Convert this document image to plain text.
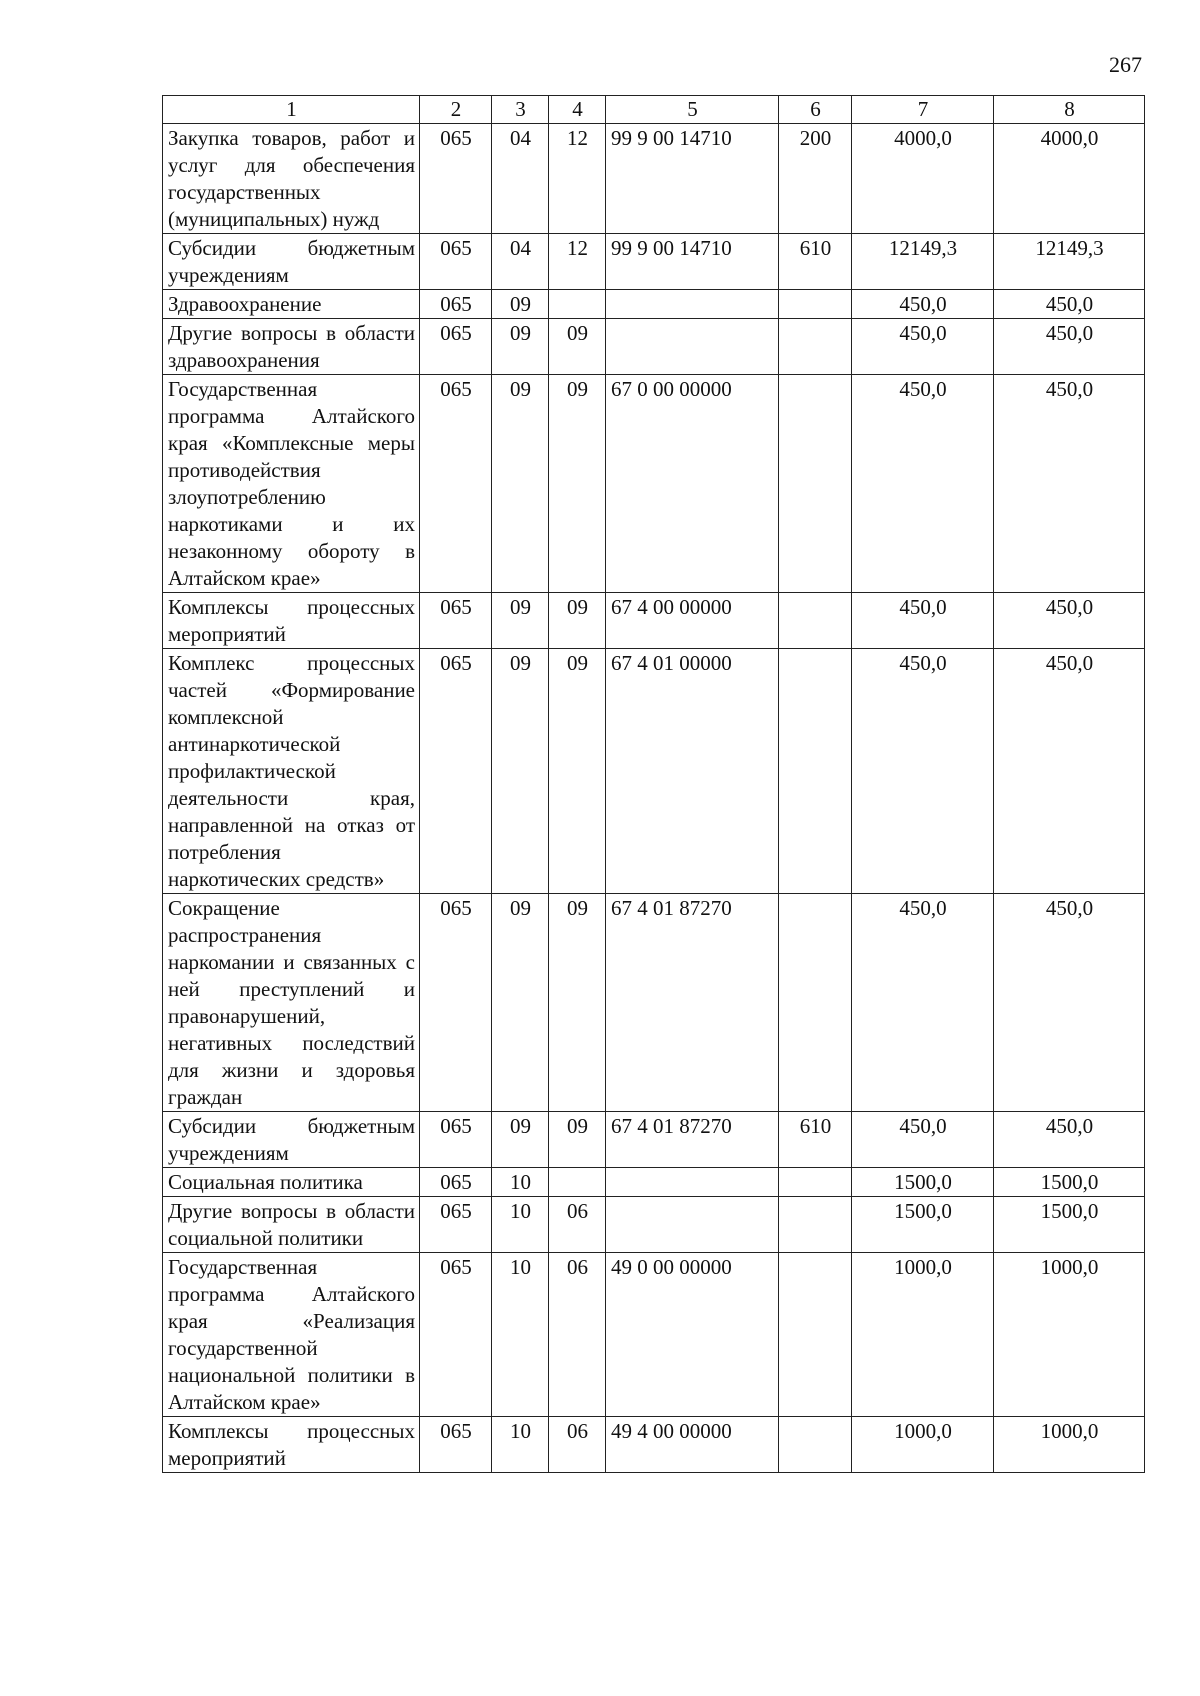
267
1	2	3	4	5	6	7	8
Закупка товаров, работ и услуг для обеспечения государственных (муниципальных) нужд	065	04	12	99 9 00 14710	200	4000,0	4000,0
Субсидии бюджетным учреждениям	065	04	12	99 9 00 14710	610	12149,3	12149,3
Здравоохранение	065	09				450,0	450,0
Другие вопросы в области здравоохранения	065	09	09			450,0	450,0
Государственная программа Алтайского края «Комплексные меры противодействия злоупотреблению наркотиками и их незаконному обороту в Алтайском крае»	065	09	09	67 0 00 00000		450,0	450,0
Комплексы процессных мероприятий	065	09	09	67 4 00 00000		450,0	450,0
Комплекс процессных частей «Формирование комплексной антинаркотической профилактической деятельности края, направленной на отказ от потребления наркотических средств»	065	09	09	67 4 01 00000		450,0	450,0
Сокращение распространения наркомании и связанных с ней преступлений и правонарушений, негативных последствий для жизни и здоровья граждан	065	09	09	67 4 01 87270		450,0	450,0
Субсидии бюджетным учреждениям	065	09	09	67 4 01 87270	610	450,0	450,0
Социальная политика	065	10				1500,0	1500,0
Другие вопросы в области социальной политики	065	10	06			1500,0	1500,0
Государственная программа Алтайского края «Реализация государственной национальной политики в Алтайском крае»	065	10	06	49 0 00 00000		1000,0	1000,0
Комплексы процессных мероприятий	065	10	06	49 4 00 00000		1000,0	1000,0
